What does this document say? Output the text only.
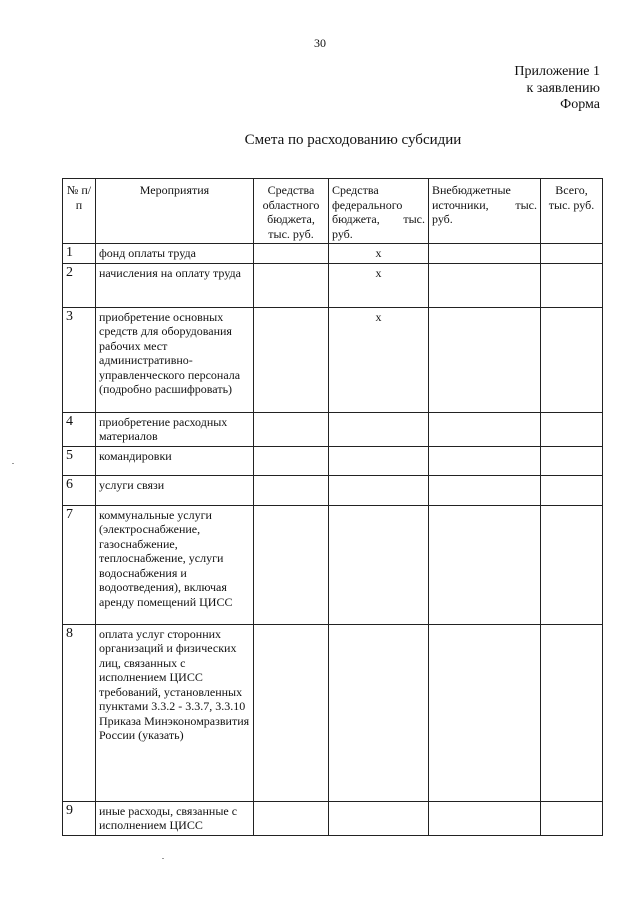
30
Приложение 1
к заявлению
Форма
Смета по расходованию субсидии
№ п/п	Мероприятия	Средства областного бюджета, тыс. руб.	Средства федерального бюджета, тыс. руб.	Внебюджетные источники, тыс. руб.	Всего, тыс. руб.
1	фонд оплаты труда		x		
2	начисления на оплату труда		x		
3	приобретение основных средств для оборудования рабочих мест административно-управленческого персонала (подробно расшифровать)		x		
4	приобретение расходных материалов				
5	командировки				
6	услуги связи				
7	коммунальные услуги (электроснабжение, газоснабжение, теплоснабжение, услуги водоснабжения и водоотведения), включая аренду помещений ЦИСС				
8	оплата услуг сторонних организаций и физических лиц, связанных с исполнением ЦИСС требований, установленных пунктами 3.3.2 - 3.3.7, 3.3.10 Приказа Минэкономразвития России (указать)				
9	иные расходы, связанные с исполнением ЦИСС				
